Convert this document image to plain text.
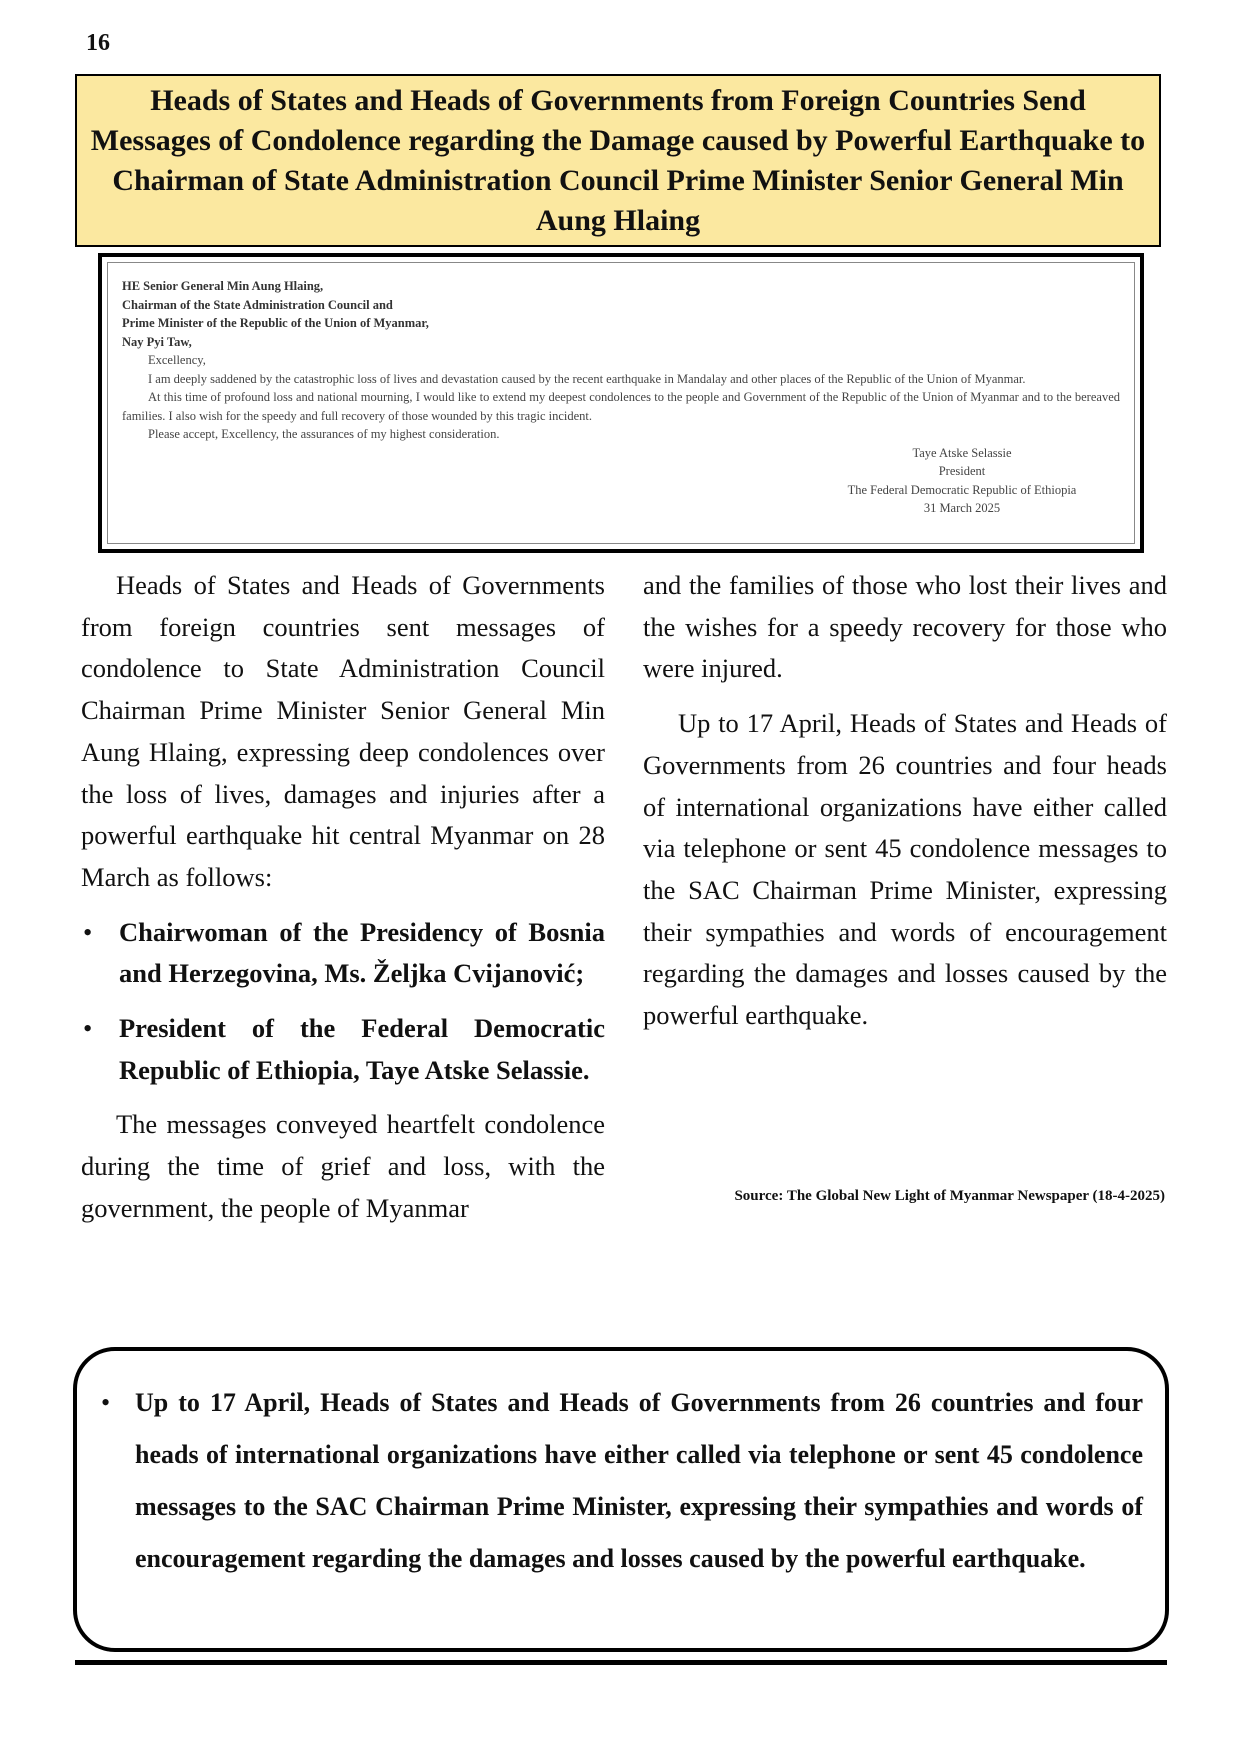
16
Heads of States and Heads of Governments from Foreign Countries Send Messages of Condolence regarding the Damage caused by Powerful Earthquake to Chairman of State Administration Council Prime Minister Senior General Min Aung Hlaing

HE Senior General Min Aung Hlaing,

Chairman of the State Administration Council and

Prime Minister of the Republic of the Union of Myanmar,

Nay Pyi Taw,

Excellency,

I am deeply saddened by the catastrophic loss of lives and devastation caused by the recent earthquake in Mandalay and other places of the Republic of the Union of Myanmar.

At this time of profound loss and national mourning, I would like to extend my deepest condolences to the people and Government of the Republic of the Union of Myanmar and to the bereaved families. I also wish for the speedy and full recovery of those wounded by this tragic incident.

Please accept, Excellency, the assurances of my highest consideration.

Taye Atske Selassie

President

The Federal Democratic Republic of Ethiopia

31 March 2025

Heads of States and Heads of Governments from foreign countries sent messages of condolence to State Administration Council Chairman Prime Minister Senior General Min Aung Hlaing, expressing deep condolences over the loss of lives, damages and injuries after a powerful earthquake hit central Myanmar on 28 March as follows:

• Chairwoman of the Presidency of Bosnia and Herzegovina, Ms. Željka Cvijanović;
• President of the Federal Democratic Republic of Ethiopia, Taye Atske Selassie.

The messages conveyed heartfelt condolence during the time of grief and loss, with the government, the people of Myanmar

and the families of those who lost their lives and the wishes for a speedy recovery for those who were injured.

Up to 17 April, Heads of States and Heads of Governments from 26 countries and four heads of international organizations have either called via telephone or sent 45 condolence messages to the SAC Chairman Prime Minister, expressing their sympathies and words of encouragement regarding the damages and losses caused by the powerful earthquake.

Source: The Global New Light of Myanmar Newspaper (18-4-2025)
• Up to 17 April, Heads of States and Heads of Governments from 26 countries and four heads of international organizations have either called via telephone or sent 45 condolence messages to the SAC Chairman Prime Minister, expressing their sympathies and words of encouragement regarding the damages and losses caused by the powerful earthquake.
